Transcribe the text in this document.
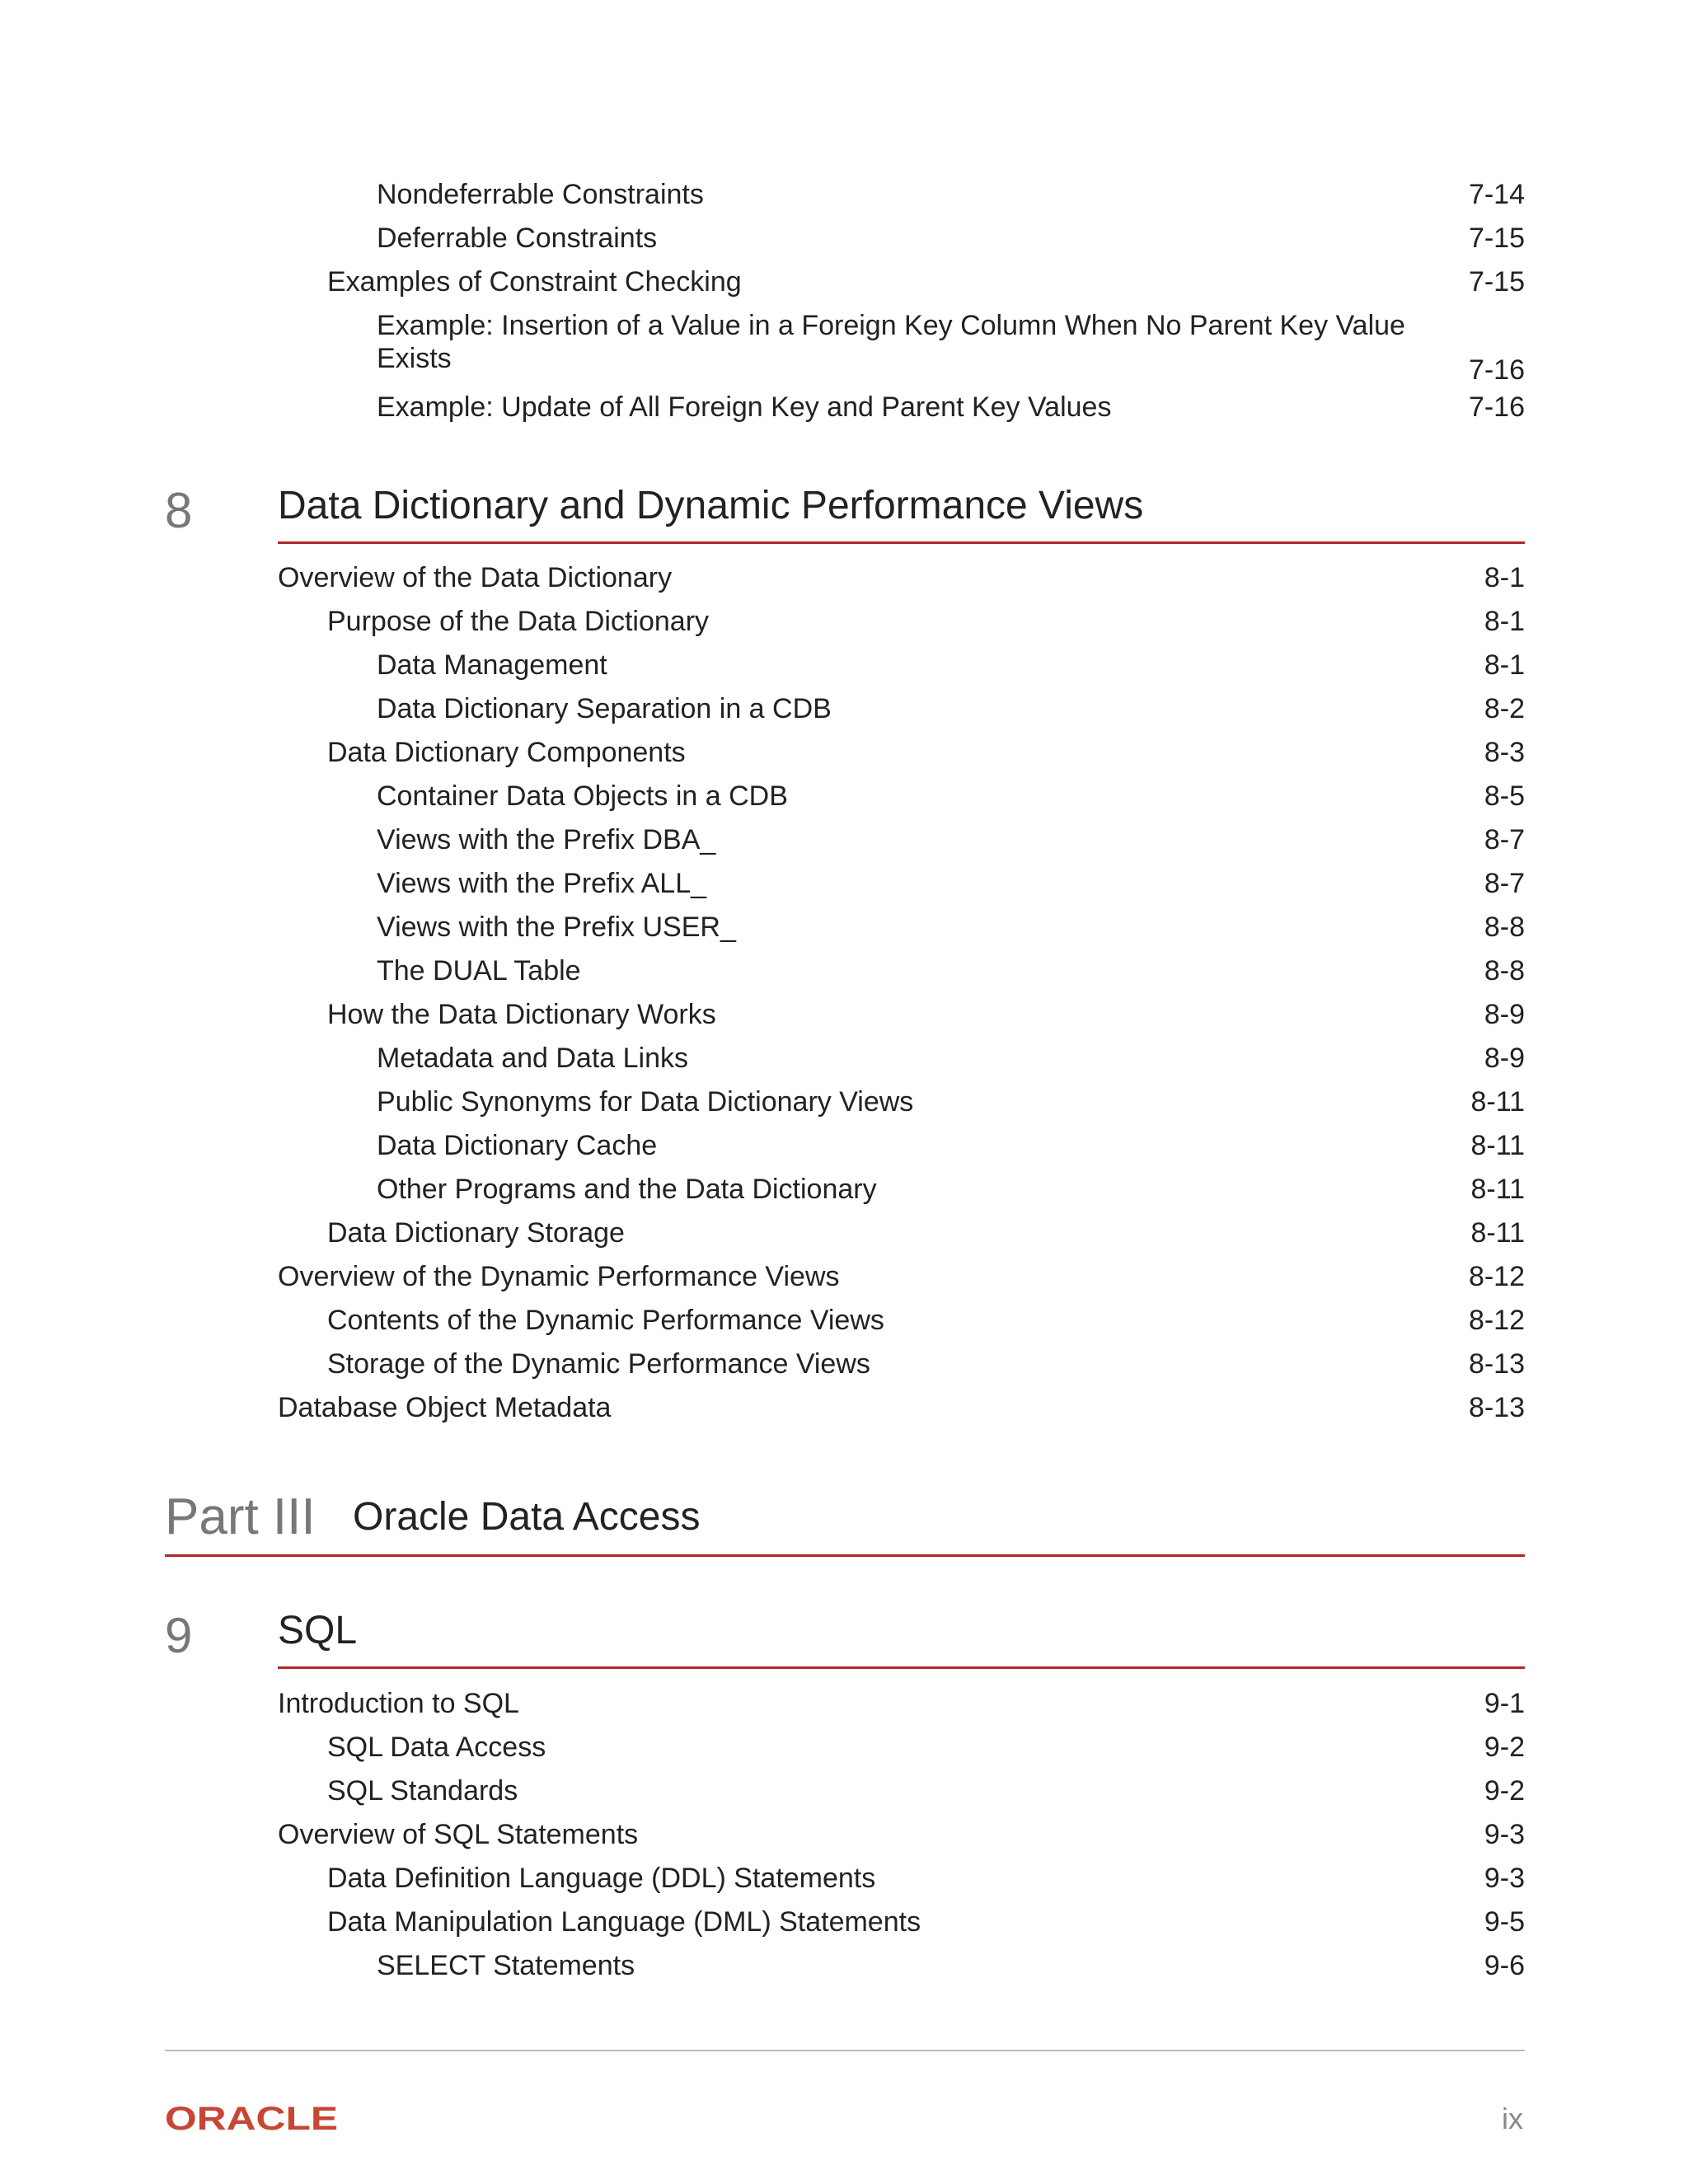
Nondeferrable Constraints	7-14
Deferrable Constraints	7-15
Examples of Constraint Checking	7-15
Example: Insertion of a Value in a Foreign Key Column When No Parent Key Value Exists	7-16
Example: Update of All Foreign Key and Parent Key Values	7-16
8 Data Dictionary and Dynamic Performance Views
Overview of the Data Dictionary	8-1
Purpose of the Data Dictionary	8-1
Data Management	8-1
Data Dictionary Separation in a CDB	8-2
Data Dictionary Components	8-3
Container Data Objects in a CDB	8-5
Views with the Prefix DBA_	8-7
Views with the Prefix ALL_	8-7
Views with the Prefix USER_	8-8
The DUAL Table	8-8
How the Data Dictionary Works	8-9
Metadata and Data Links	8-9
Public Synonyms for Data Dictionary Views	8-11
Data Dictionary Cache	8-11
Other Programs and the Data Dictionary	8-11
Data Dictionary Storage	8-11
Overview of the Dynamic Performance Views	8-12
Contents of the Dynamic Performance Views	8-12
Storage of the Dynamic Performance Views	8-13
Database Object Metadata	8-13
Part III Oracle Data Access
9 SQL
Introduction to SQL	9-1
SQL Data Access	9-2
SQL Standards	9-2
Overview of SQL Statements	9-3
Data Definition Language (DDL) Statements	9-3
Data Manipulation Language (DML) Statements	9-5
SELECT Statements	9-6
ORACLE	ix
